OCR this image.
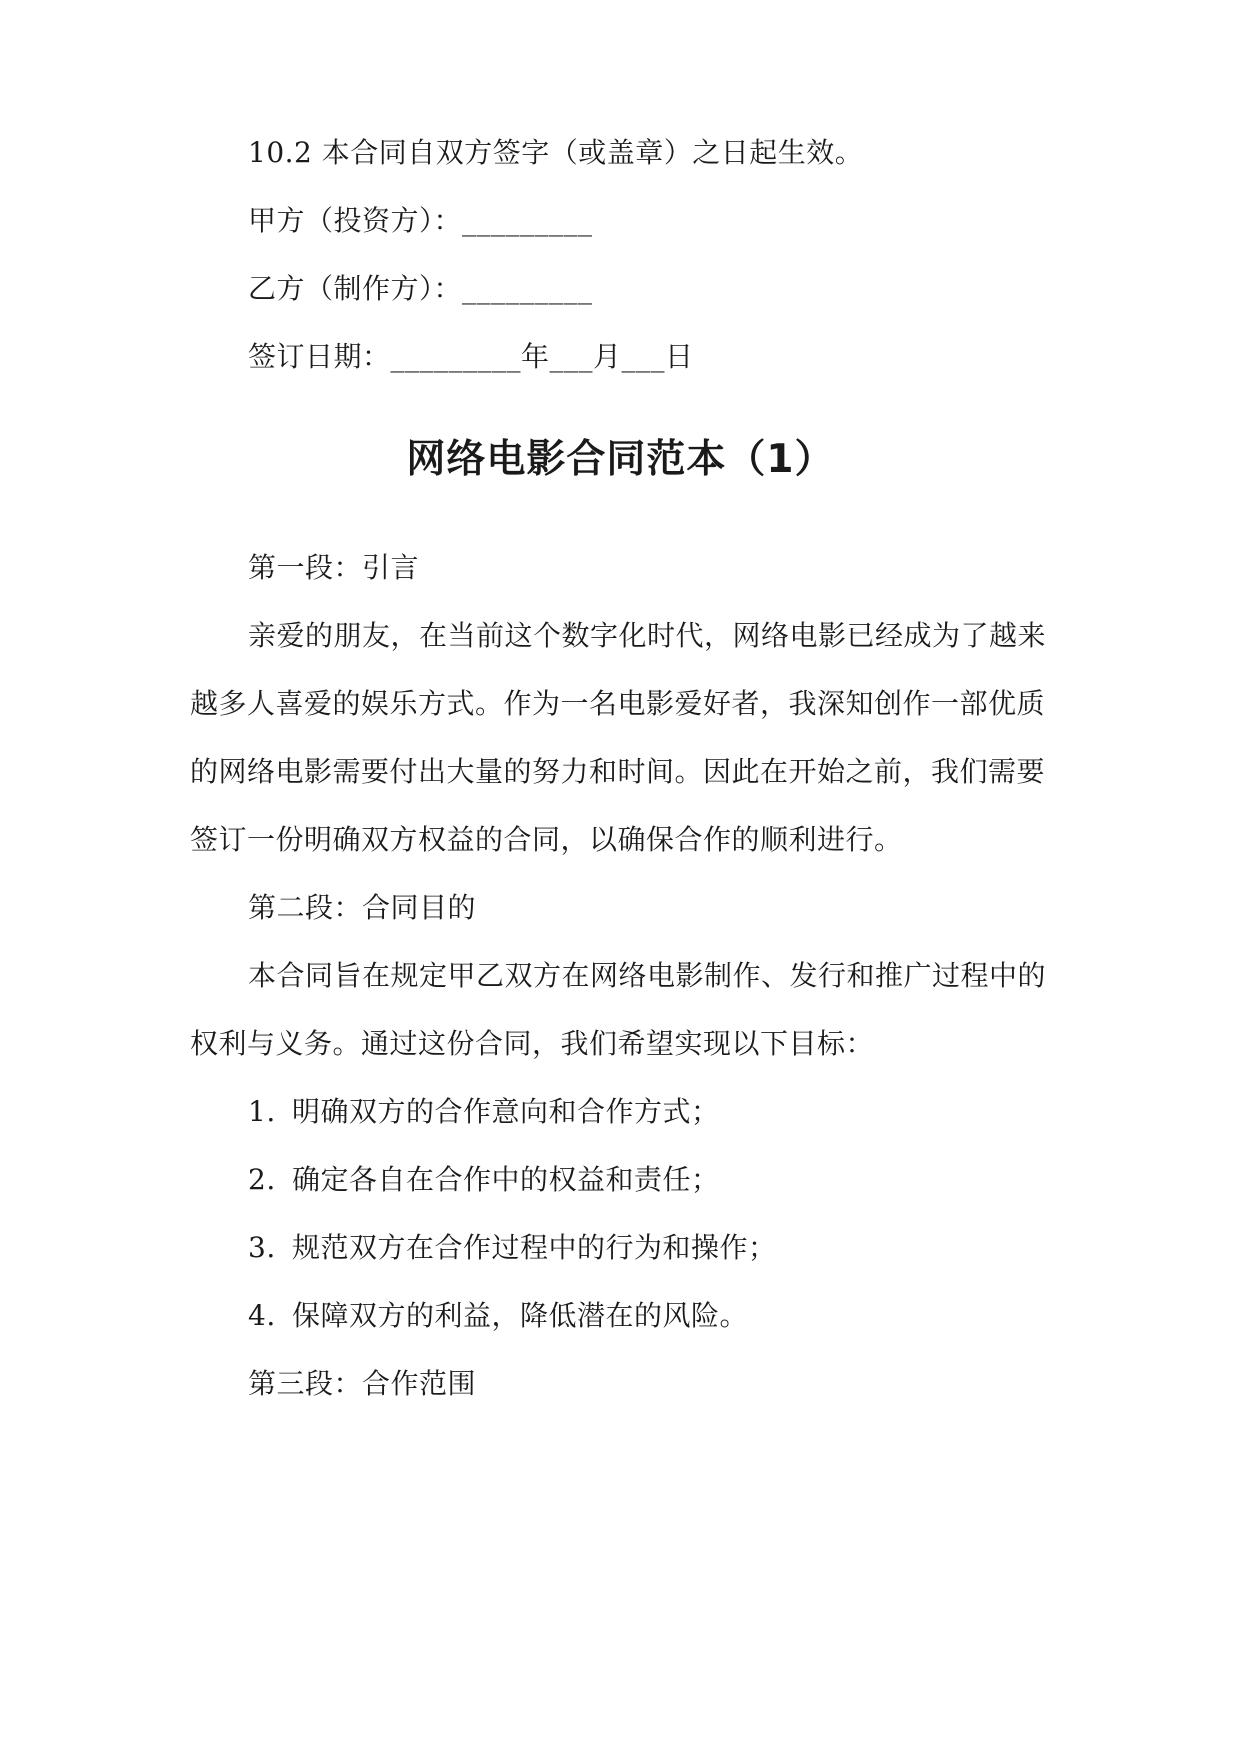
10.2 本合同自双方签字（或盖章）之日起生效。
甲方（投资方）：_________
乙方（制作方）：_________
签订日期：_________年___月___日
网络电影合同范本（1）
第一段：引言
亲爱的朋友，在当前这个数字化时代，网络电影已经成为了越来
越多人喜爱的娱乐方式。作为一名电影爱好者，我深知创作一部优质
的网络电影需要付出大量的努力和时间。因此在开始之前，我们需要
签订一份明确双方权益的合同，以确保合作的顺利进行。
第二段：合同目的
本合同旨在规定甲乙双方在网络电影制作、发行和推广过程中的
权利与义务。通过这份合同，我们希望实现以下目标：
1. 明确双方的合作意向和合作方式；
2. 确定各自在合作中的权益和责任；
3. 规范双方在合作过程中的行为和操作；
4. 保障双方的利益，降低潜在的风险。
第三段：合作范围
